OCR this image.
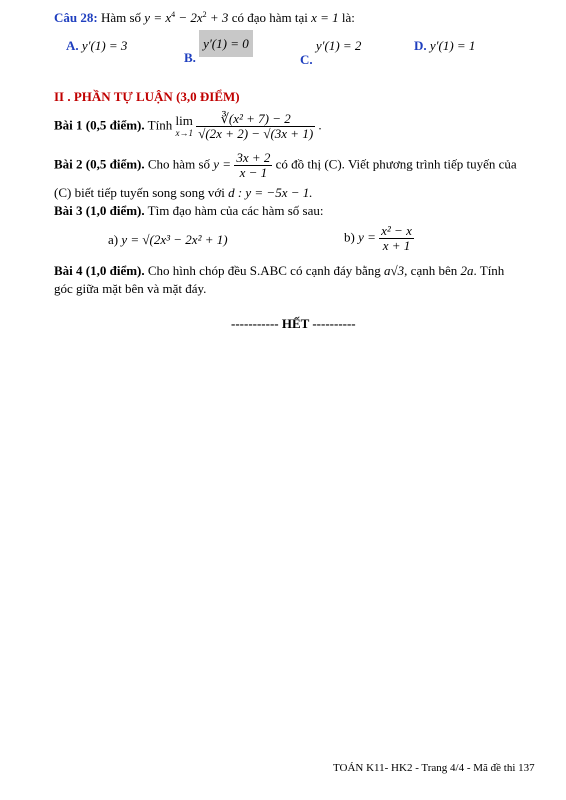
Câu 28: Hàm số $y = x^4 - 2x^2 + 3$ có đạo hàm tại x = 1 là:
A. y′(1) = 3
B. y′(1) = 0
C. y′(1) = 2	D. y′(1) = 1
II . PHẦN TỰ LUẬN (3,0 ĐIỂM)
Bài 1 (0,5 điểm). Tính lim
x→1
$\frac{\text{∛(x² + 7) − 2}}{√(2x + 2) - √(3x + 1)}$ .
Bài 2 (0,5 điểm). Cho hàm số $y = \frac{3x + 2}{x - 1}$ có đồ thị (C). Viết phương trình tiếp tuyến của
(C) biết tiếp tuyến song song với d : y = −5x − 1.
Bài 3 (1,0 điểm). Tìm đạo hàm của các hàm số sau:
a) y = √(2x³ − 2x² + 1)	b) $y = \frac{\text{x² − x}}{x + 1}$
Bài 4 (1,0 điểm). Cho hình chóp đều S.ABC có cạnh đáy bằng a√3, cạnh bên 2a. Tính
góc giữa mặt bên và mặt đáy.
----------- HẾT ----------
TOÁN K11- HK2 - Trang 4/4 - Mã đề thi 137
